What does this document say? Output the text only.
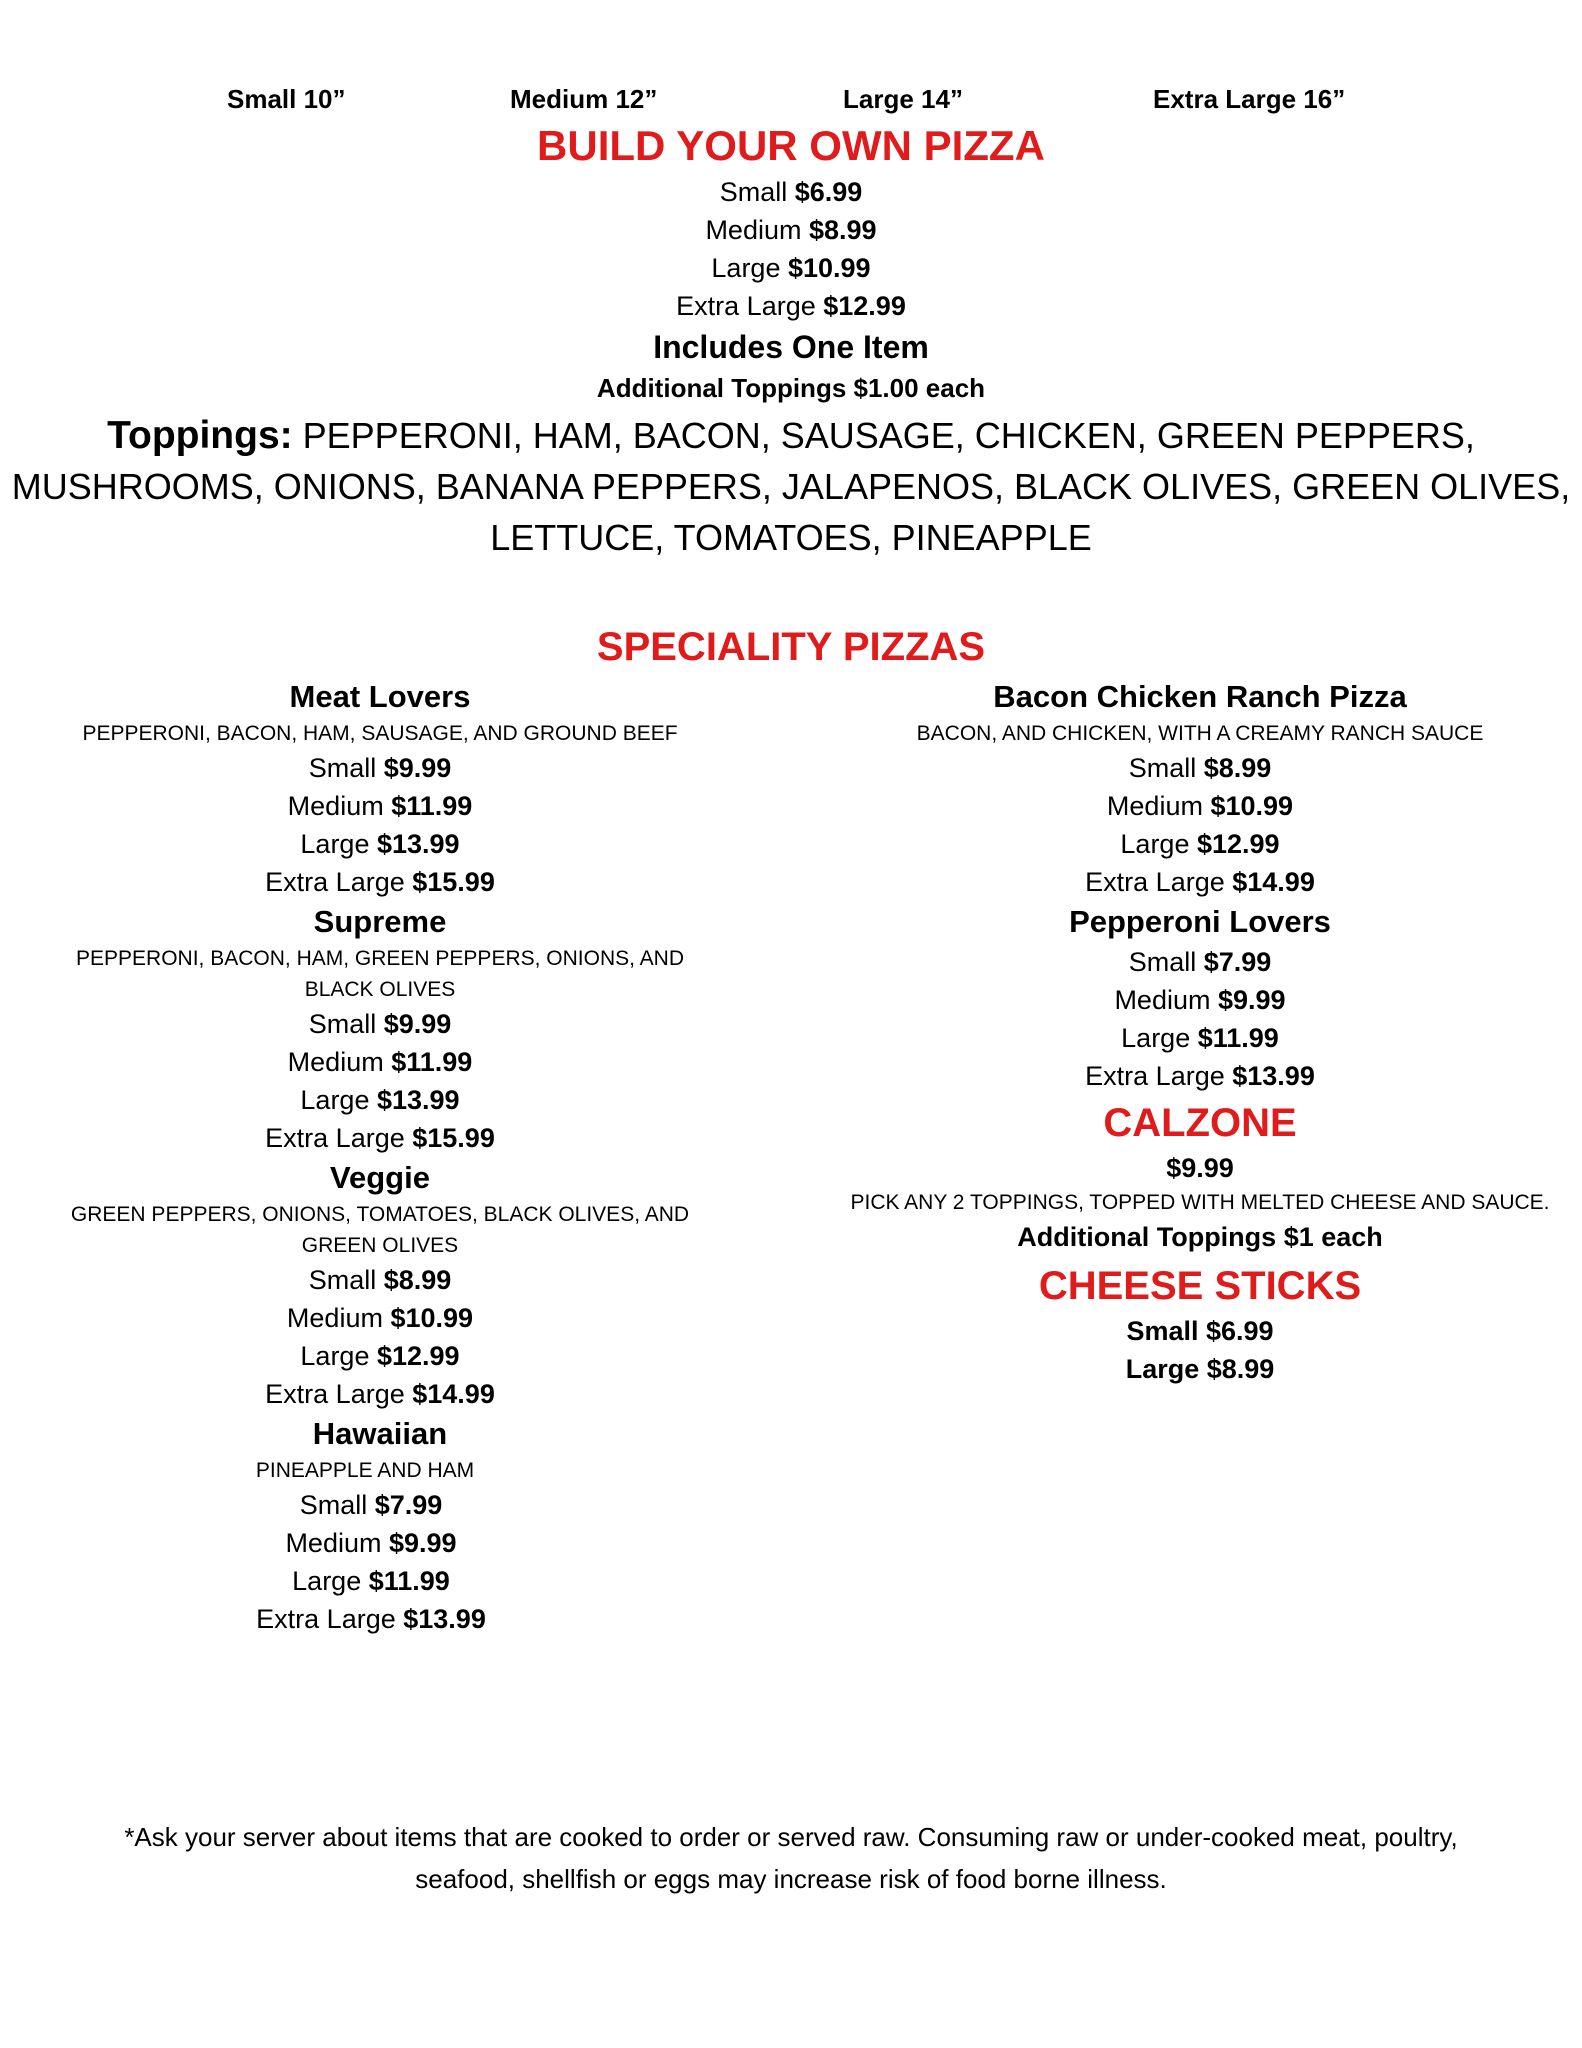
Small 10”	Medium 12”	Large 14”	Extra Large 16”
BUILD YOUR OWN PIZZA
Small $6.99
Medium $8.99
Large $10.99
Extra Large $12.99
Includes One Item
Additional Toppings $1.00 each
Toppings: PEPPERONI, HAM, BACON, SAUSAGE, CHICKEN, GREEN PEPPERS,
MUSHROOMS, ONIONS, BANANA PEPPERS, JALAPENOS, BLACK OLIVES, GREEN OLIVES,
LETTUCE, TOMATOES, PINEAPPLE
SPECIALITY PIZZAS
Meat Lovers
PEPPERONI, BACON, HAM, SAUSAGE, AND GROUND BEEF
Small $9.99
Medium $11.99
Large $13.99
Extra Large $15.99
Supreme
PEPPERONI, BACON, HAM, GREEN PEPPERS, ONIONS, AND BLACK OLIVES
Small $9.99
Medium $11.99
Large $13.99
Extra Large $15.99
Veggie
GREEN PEPPERS, ONIONS, TOMATOES, BLACK OLIVES, AND GREEN OLIVES
Small $8.99
Medium $10.99
Large $12.99
Extra Large $14.99
Hawaiian
PINEAPPLE AND HAM
Small $7.99
Medium $9.99
Large $11.99
Extra Large $13.99
Bacon Chicken Ranch Pizza
BACON, AND CHICKEN, WITH A CREAMY RANCH SAUCE
Small $8.99
Medium $10.99
Large $12.99
Extra Large $14.99
Pepperoni Lovers
Small $7.99
Medium $9.99
Large $11.99
Extra Large $13.99
CALZONE
$9.99
PICK ANY 2 TOPPINGS, TOPPED WITH MELTED CHEESE AND SAUCE.
Additional Toppings $1 each
CHEESE STICKS
Small $6.99
Large $8.99
*Ask your server about items that are cooked to order or served raw. Consuming raw or under-cooked meat, poultry,
seafood, shellfish or eggs may increase risk of food borne illness.
